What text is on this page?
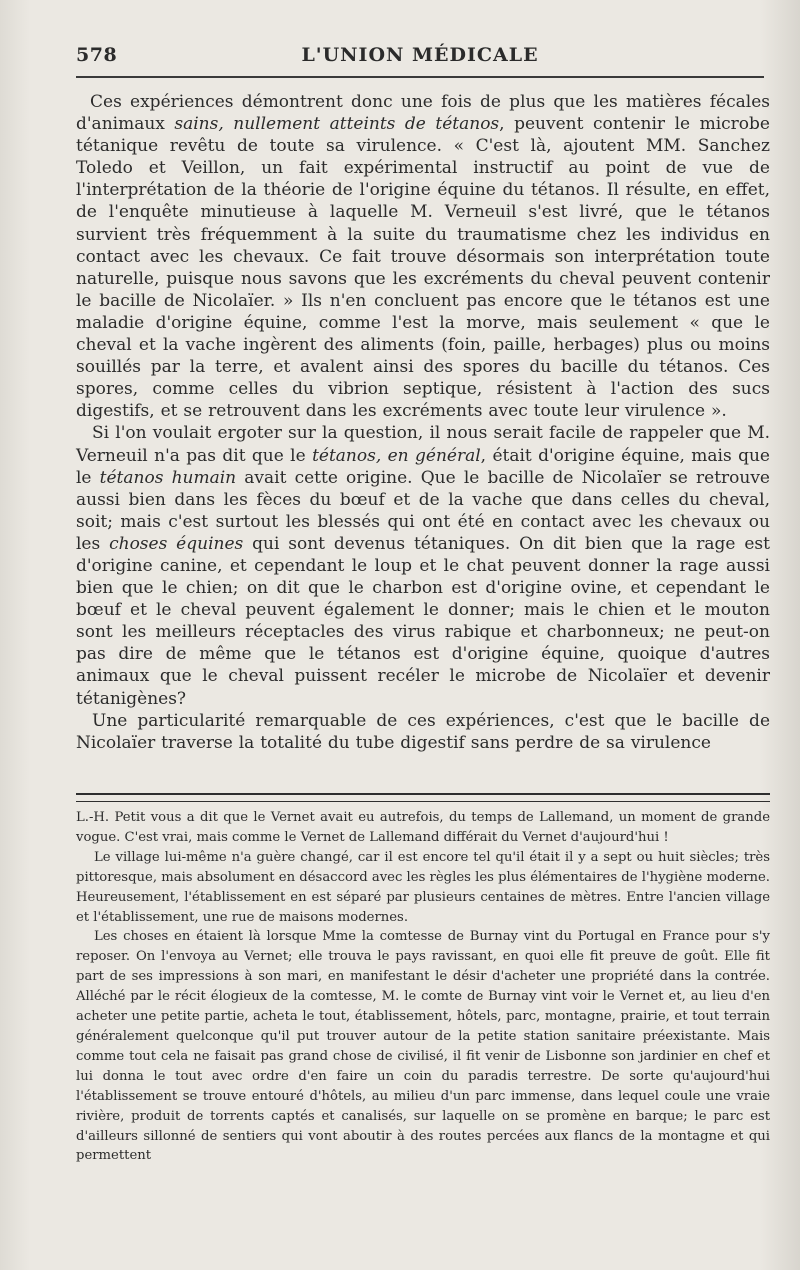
578	L'UNION MÉDICALE

Ces expériences démontrent donc une fois de plus que les matières fécales d'animaux sains, nullement atteints de tétanos, peuvent contenir le microbe tétanique revêtu de toute sa virulence. « C'est là, ajoutent MM. Sanchez Toledo et Veillon, un fait expérimental instructif au point de vue de l'interprétation de la théorie de l'origine équine du tétanos. Il résulte, en effet, de l'enquête minutieuse à laquelle M. Verneuil s'est livré, que le tétanos survient très fréquemment à la suite du traumatisme chez les individus en contact avec les chevaux. Ce fait trouve désormais son interprétation toute naturelle, puisque nous savons que les excréments du cheval peuvent contenir le bacille de Nicolaïer. » Ils n'en concluent pas encore que le tétanos est une maladie d'origine équine, comme l'est la morve, mais seulement « que le cheval et la vache ingèrent des aliments (foin, paille, herbages) plus ou moins souillés par la terre, et avalent ainsi des spores du bacille du tétanos. Ces spores, comme celles du vibrion septique, résistent à l'action des sucs digestifs, et se retrouvent dans les excréments avec toute leur virulence ».

Si l'on voulait ergoter sur la question, il nous serait facile de rappeler que M. Verneuil n'a pas dit que le tétanos, en général, était d'origine équine, mais que le tétanos humain avait cette origine. Que le bacille de Nicolaïer se retrouve aussi bien dans les fèces du bœuf et de la vache que dans celles du cheval, soit; mais c'est surtout les blessés qui ont été en contact avec les chevaux ou les choses équines qui sont devenus tétaniques. On dit bien que la rage est d'origine canine, et cependant le loup et le chat peuvent donner la rage aussi bien que le chien; on dit que le charbon est d'origine ovine, et cependant le bœuf et le cheval peuvent également le donner; mais le chien et le mouton sont les meilleurs réceptacles des virus rabique et charbonneux; ne peut-on pas dire de même que le tétanos est d'origine équine, quoique d'autres animaux que le cheval puissent recéler le microbe de Nicolaïer et devenir tétanigènes?

Une particularité remarquable de ces expériences, c'est que le bacille de Nicolaïer traverse la totalité du tube digestif sans perdre de sa virulence

L.-H. Petit vous a dit que le Vernet avait eu autrefois, du temps de Lallemand, un moment de grande vogue. C'est vrai, mais comme le Vernet de Lallemand différait du Vernet d'aujourd'hui !

Le village lui-même n'a guère changé, car il est encore tel qu'il était il y a sept ou huit siècles; très pittoresque, mais absolument en désaccord avec les règles les plus élémentaires de l'hygiène moderne. Heureusement, l'établissement en est séparé par plusieurs centaines de mètres. Entre l'ancien village et l'établissement, une rue de maisons modernes.

Les choses en étaient là lorsque Mme la comtesse de Burnay vint du Portugal en France pour s'y reposer. On l'envoya au Vernet; elle trouva le pays ravissant, en quoi elle fit preuve de goût. Elle fit part de ses impressions à son mari, en manifestant le désir d'acheter une propriété dans la contrée. Alléché par le récit élogieux de la comtesse, M. le comte de Burnay vint voir le Vernet et, au lieu d'en acheter une petite partie, acheta le tout, établissement, hôtels, parc, montagne, prairie, et tout terrain généralement quelconque qu'il put trouver autour de la petite station sanitaire préexistante. Mais comme tout cela ne faisait pas grand chose de civilisé, il fit venir de Lisbonne son jardinier en chef et lui donna le tout avec ordre d'en faire un coin du paradis terrestre. De sorte qu'aujourd'hui l'établissement se trouve entouré d'hôtels, au milieu d'un parc immense, dans lequel coule une vraie rivière, produit de torrents captés et canalisés, sur laquelle on se promène en barque; le parc est d'ailleurs sillonné de sentiers qui vont aboutir à des routes percées aux flancs de la montagne et qui permettent
